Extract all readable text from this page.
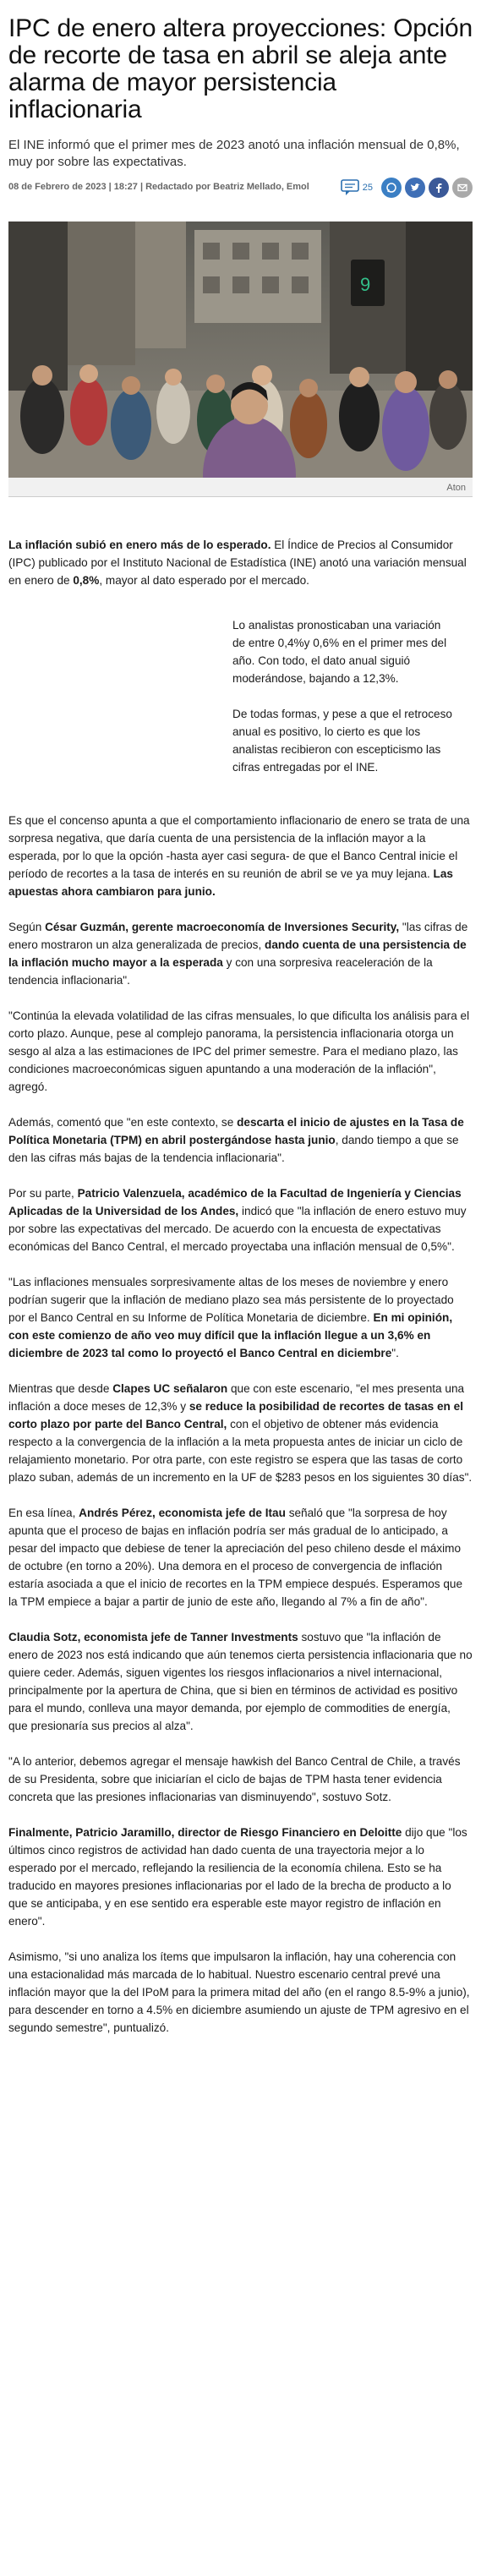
IPC de enero altera proyecciones: Opción de recorte de tasa en abril se aleja ante alarma de mayor persistencia inflacionaria

El INE informó que el primer mes de 2023 anotó una inflación mensual de 0,8%, muy por sobre las expectativas.

08 de Febrero de 2023 | 18:27 | Redactado por Beatriz Mellado, Emol	25
9
Aton

La inflación subió en enero más de lo esperado. El Índice de Precios al Consumidor (IPC) publicado por el Instituto Nacional de Estadística (INE) anotó una variación mensual en enero de 0,8%, mayor al dato esperado por el mercado.

Lo analistas pronosticaban una variación de entre 0,4%y 0,6% en el primer mes del año. Con todo, el dato anual siguió moderándose, bajando a 12,3%.

De todas formas, y pese a que el retroceso anual es positivo, lo cierto es que los analistas recibieron con escepticismo las cifras entregadas por el INE.

Es que el concenso apunta a que el comportamiento inflacionario de enero se trata de una sorpresa negativa, que daría cuenta de una persistencia de la inflación mayor a la esperada, por lo que la opción -hasta ayer casi segura- de que el Banco Central inicie el período de recortes a la tasa de interés en su reunión de abril se ve ya muy lejana. Las apuestas ahora cambiaron para junio.

Según César Guzmán, gerente macroeconomía de Inversiones Security, "las cifras de enero mostraron un alza generalizada de precios, dando cuenta de una persistencia de la inflación mucho mayor a la esperada y con una sorpresiva reaceleración de la tendencia inflacionaria".

"Continúa la elevada volatilidad de las cifras mensuales, lo que dificulta los análisis para el corto plazo. Aunque, pese al complejo panorama, la persistencia inflacionaria otorga un sesgo al alza a las estimaciones de IPC del primer semestre. Para el mediano plazo, las condiciones macroeconómicas siguen apuntando a una moderación de la inflación", agregó.

Además, comentó que "en este contexto, se descarta el inicio de ajustes en la Tasa de Política Monetaria (TPM) en abril postergándose hasta junio, dando tiempo a que se den las cifras más bajas de la tendencia inflacionaria".

Por su parte, Patricio Valenzuela, académico de la Facultad de Ingeniería y Ciencias Aplicadas de la Universidad de los Andes, indicó que "la inflación de enero estuvo muy por sobre las expectativas del mercado. De acuerdo con la encuesta de expectativas económicas del Banco Central, el mercado proyectaba una inflación mensual de 0,5%".

"Las inflaciones mensuales sorpresivamente altas de los meses de noviembre y enero podrían sugerir que la inflación de mediano plazo sea más persistente de lo proyectado por el Banco Central en su Informe de Política Monetaria de diciembre. En mi opinión, con este comienzo de año veo muy difícil que la inflación llegue a un 3,6% en diciembre de 2023 tal como lo proyectó el Banco Central en diciembre".

Mientras que desde Clapes UC señalaron que con este escenario, "el mes presenta una inflación a doce meses de 12,3% y se reduce la posibilidad de recortes de tasas en el corto plazo por parte del Banco Central, con el objetivo de obtener más evidencia respecto a la convergencia de la inflación a la meta propuesta antes de iniciar un ciclo de relajamiento monetario. Por otra parte, con este registro se espera que las tasas de corto plazo suban, además de un incremento en la UF de $283 pesos en los siguientes 30 días".

En esa línea, Andrés Pérez, economista jefe de Itau señaló que "la sorpresa de hoy apunta que el proceso de bajas en inflación podría ser más gradual de lo anticipado, a pesar del impacto que debiese de tener la apreciación del peso chileno desde el máximo de octubre (en torno a 20%). Una demora en el proceso de convergencia de inflación estaría asociada a que el inicio de recortes en la TPM empiece después. Esperamos que la TPM empiece a bajar a partir de junio de este año, llegando al 7% a fin de año".

Claudia Sotz, economista jefe de Tanner Investments sostuvo que "la inflación de enero de 2023 nos está indicando que aún tenemos cierta persistencia inflacionaria que no quiere ceder. Además, siguen vigentes los riesgos inflacionarios a nivel internacional, principalmente por la apertura de China, que si bien en términos de actividad es positivo para el mundo, conlleva una mayor demanda, por ejemplo de commodities de energía, que presionaría sus precios al alza".

"A lo anterior, debemos agregar el mensaje hawkish del Banco Central de Chile, a través de su Presidenta, sobre que iniciarían el ciclo de bajas de TPM hasta tener evidencia concreta que las presiones inflacionarias van disminuyendo", sostuvo Sotz.

Finalmente, Patricio Jaramillo, director de Riesgo Financiero en Deloitte dijo que "los últimos cinco registros de actividad han dado cuenta de una trayectoria mejor a lo esperado por el mercado, reflejando la resiliencia de la economía chilena. Esto se ha traducido en mayores presiones inflacionarias por el lado de la brecha de producto a lo que se anticipaba, y en ese sentido era esperable este mayor registro de inflación en enero".

Asimismo, "si uno analiza los ítems que impulsaron la inflación, hay una coherencia con una estacionalidad más marcada de lo habitual. Nuestro escenario central prevé una inflación mayor que la del IPoM para la primera mitad del año (en el rango 8.5-9% a junio), para descender en torno a 4.5% en diciembre asumiendo un ajuste de TPM agresivo en el segundo semestre", puntualizó.
